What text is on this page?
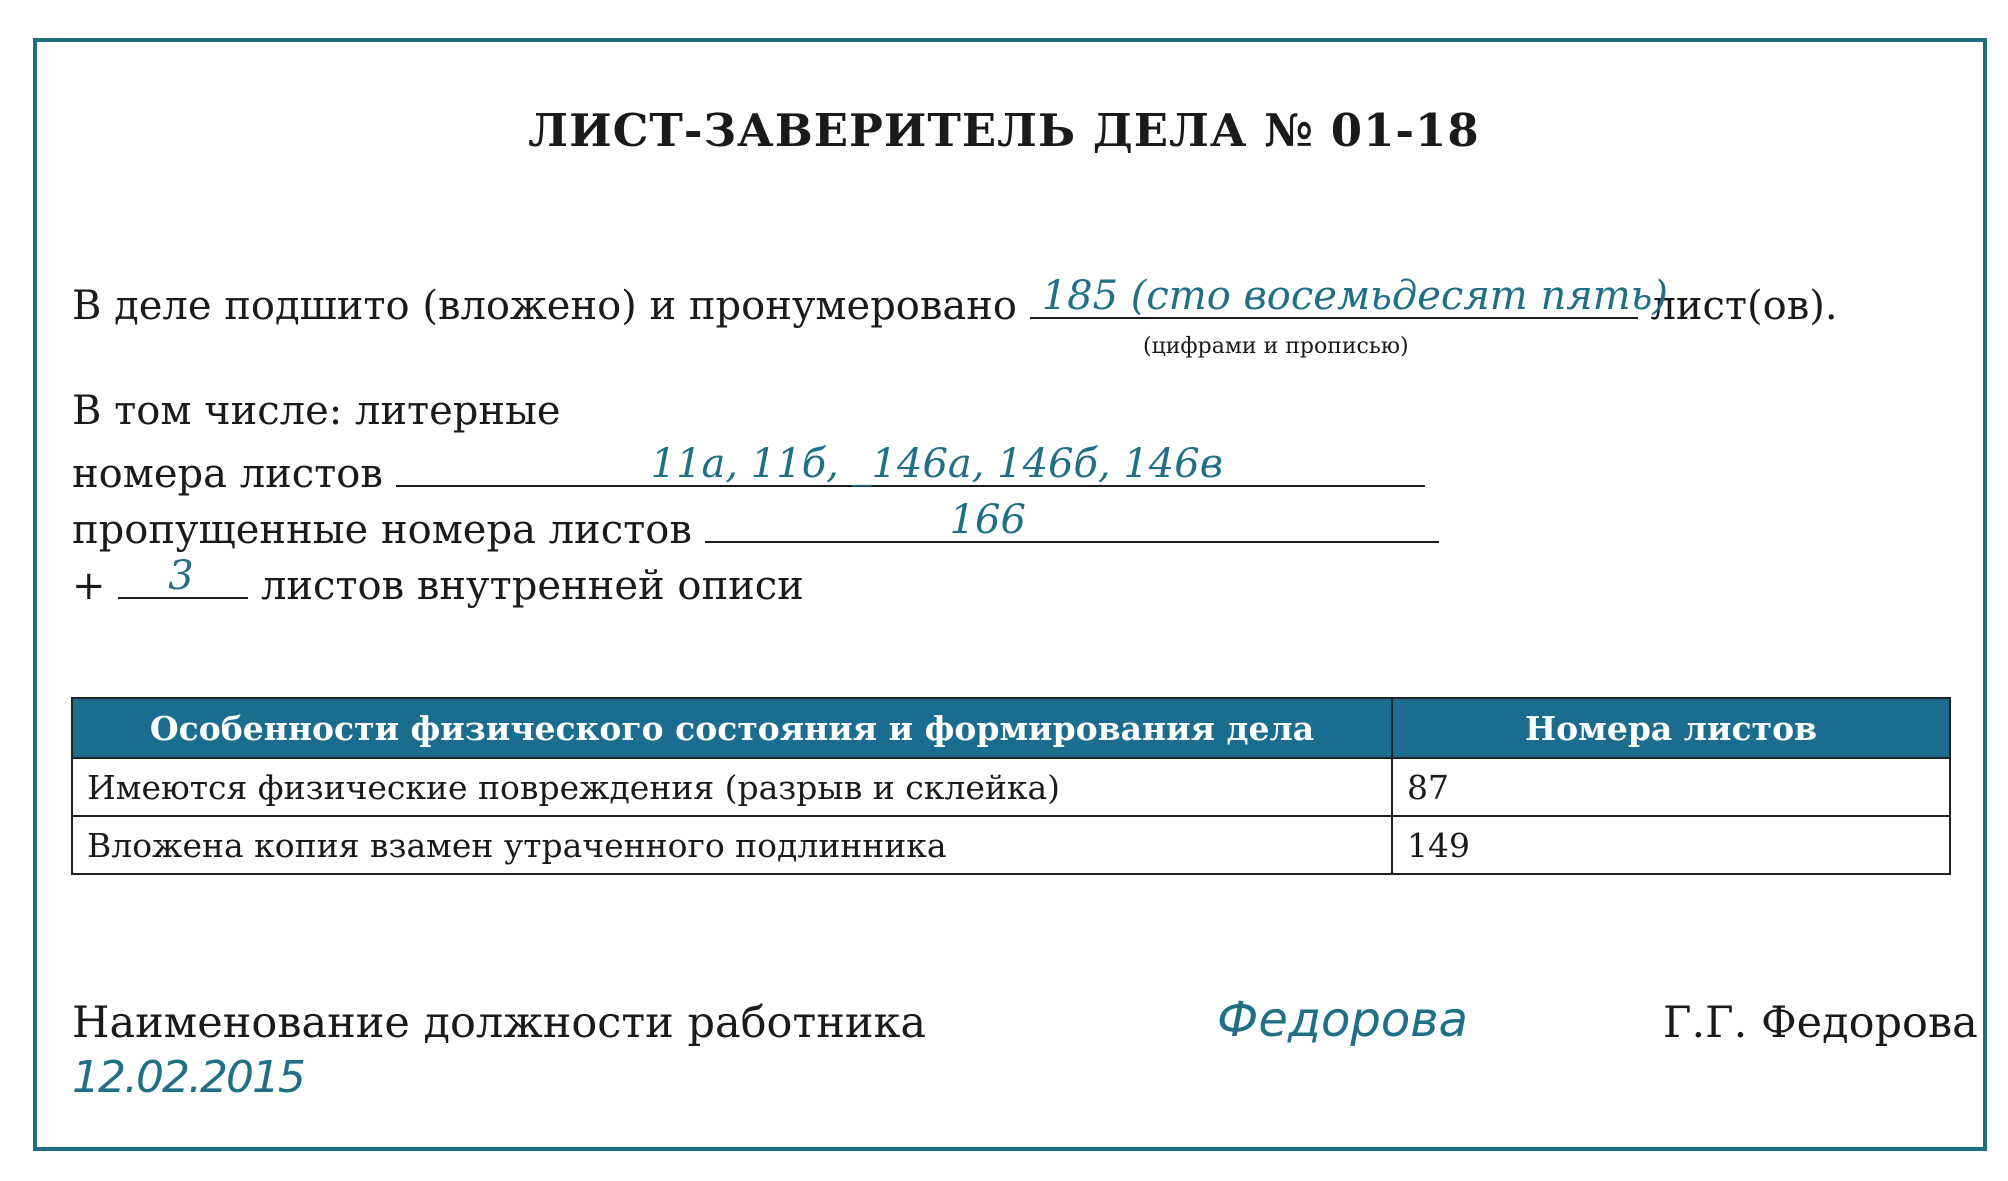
ЛИСТ-ЗАВЕРИТЕЛЬ ДЕЛА № 01-18
В деле подшито (вложено) и пронумеровано 185 (сто восемьдесят пять)
лист(ов).
(цифрами и прописью)
В том числе: литерные
номера листов	11а, 11б, _146а, 146б, 146в
пропущенные номера листов	166
+ 3 листов внутренней описи
Особенности физического состояния и формирования дела	Номера листов
Имеются физические повреждения (разрыв и склейка)	87
Вложена копия взамен утраченного подлинника	149
Наименование должности работника
12.02.2015
Федорова	Г.Г. Федорова
